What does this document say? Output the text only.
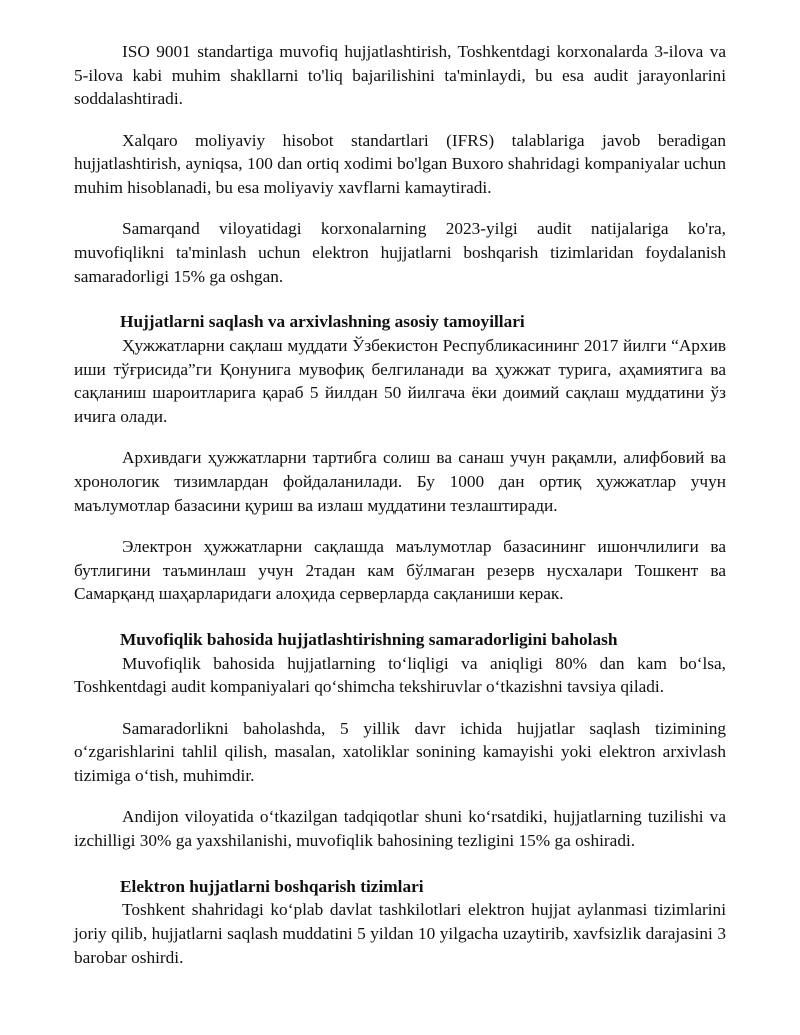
ISO 9001 standartiga muvofiq hujjatlashtirish, Toshkentdagi korxonalarda 3-ilova va 5-ilova kabi muhim shakllarni to'liq bajarilishini ta'minlaydi, bu esa audit jarayonlarini soddalashtiradi.

Xalqaro moliyaviy hisobot standartlari (IFRS) talablariga javob beradigan hujjatlashtirish, ayniqsa, 100 dan ortiq xodimi bo'lgan Buxoro shahridagi kompaniyalar uchun muhim hisoblanadi, bu esa moliyaviy xavflarni kamaytiradi.

Samarqand viloyatidagi korxonalarning 2023-yilgi audit natijalariga ko'ra, muvofiqlikni ta'minlash uchun elektron hujjatlarni boshqarish tizimlaridan foydalanish samaradorligi 15% ga oshgan.

Hujjatlarni saqlash va arxivlashning asosiy tamoyillari

Ҳужжатларни сақлаш муддати Ўзбекистон Республикасининг 2017 йилги “Архив иши тўғрисида”ги Қонунига мувофиқ белгиланади ва ҳужжат турига, аҳамиятига ва сақланиш шароитларига қараб 5 йилдан 50 йилгача ёки доимий сақлаш муддатини ўз ичига олади.

Архивдаги ҳужжатларни тартибга солиш ва санаш учун рақамли, алифбовий ва хронологик тизимлардан фойдаланилади. Бу 1000 дан ортиқ ҳужжатлар учун маълумотлар базасини қуриш ва излаш муддатини тезлаштиради.

Электрон ҳужжатларни сақлашда маълумотлар базасининг ишончлилиги ва бутлигини таъминлаш учун 2тадан кам бўлмаган резерв нусхалари Тошкент ва Самарқанд шаҳарларидаги алоҳида серверларда сақланиши керак.

Muvofiqlik bahosida hujjatlashtirishning samaradorligini baholash

Muvofiqlik bahosida hujjatlarning to‘liqligi va aniqligi 80% dan kam bo‘lsa, Toshkentdagi audit kompaniyalari qo‘shimcha tekshiruvlar o‘tkazishni tavsiya qiladi.

Samaradorlikni baholashda, 5 yillik davr ichida hujjatlar saqlash tizimining o‘zgarishlarini tahlil qilish, masalan, xatoliklar sonining kamayishi yoki elektron arxivlash tizimiga o‘tish, muhimdir.

Andijon viloyatida o‘tkazilgan tadqiqotlar shuni ko‘rsatdiki, hujjatlarning tuzilishi va izchilligi 30% ga yaxshilanishi, muvofiqlik bahosining tezligini 15% ga oshiradi.

Elektron hujjatlarni boshqarish tizimlari

Toshkent shahridagi ko‘plab davlat tashkilotlari elektron hujjat aylanmasi tizimlarini joriy qilib, hujjatlarni saqlash muddatini 5 yildan 10 yilgacha uzaytirib, xavfsizlik darajasini 3 barobar oshirdi.
